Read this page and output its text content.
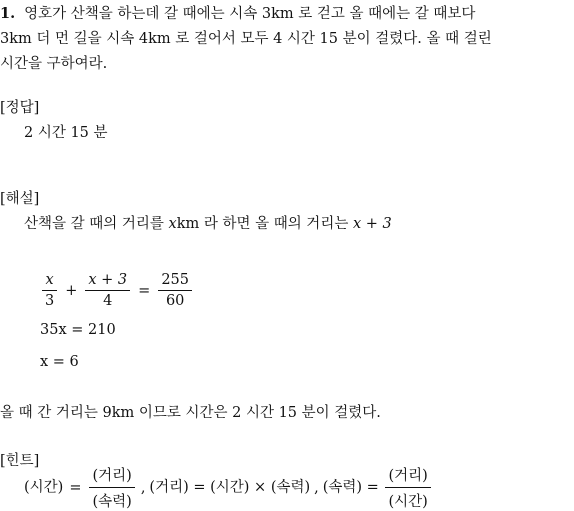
1. 영호가 산책을 하는데 갈 때에는 시속 3km 로 걷고 올 때에는 갈 때보다
3km 더 먼 길을 시속 4km 로 걸어서 모두 4 시간 15 분이 걸렸다. 올 때 걸린
시간을 구하여라.
[정답]
2 시간 15 분
[해설]
산책을 갈 때의 거리를 xkm 라 하면 올 때의 거리는 x + 3
$\frac{x}{3} + \frac{x + 3}{4} = \frac{255}{60}$
35x = 210
x = 6
올 때 간 거리는 9km 이므로 시간은 2 시간 15 분이 걸렸다.
[힌트]
(시간) = $\frac{\text{(거리)}}{\text{(속력)}}$ , (거리) = (시간) × (속력) , (속력) = $\frac{\text{(거리)}}{\text{(시간)}}$
